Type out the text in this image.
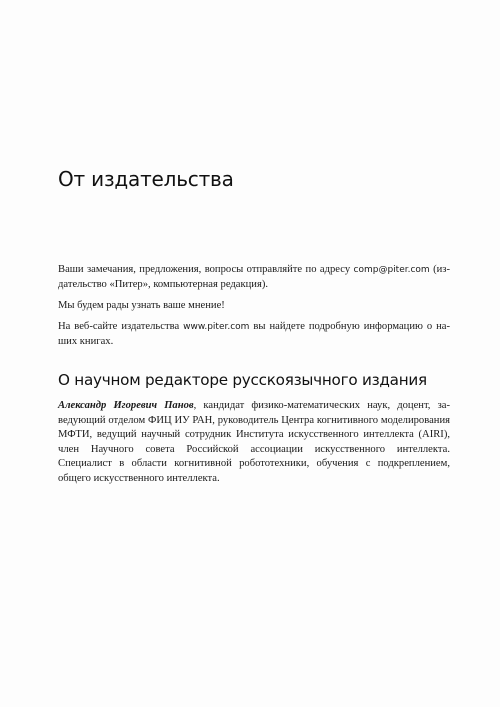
От издательства

Ваши замечания, предложения, вопросы отправляйте по адресу comp@piter.com (издательство «Питер», компьютерная редакция).

Мы будем рады узнать ваше мнение!

На веб-сайте издательства www.piter.com вы найдете подробную информацию о наших книгах.

О научном редакторе русскоязычного издания

Александр Игоревич Панов, кандидат физико-математических наук, доцент, заведующий отделом ФИЦ ИУ РАН, руководитель Центра когнитивного моделирования МФТИ, ведущий научный сотрудник Института искусственного интеллекта (AIRI), член Научного совета Российской ассоциации искусственного интеллекта. Специалист в области когнитивной робототехники, обучения с подкреплением, общего искусственного интеллекта.
